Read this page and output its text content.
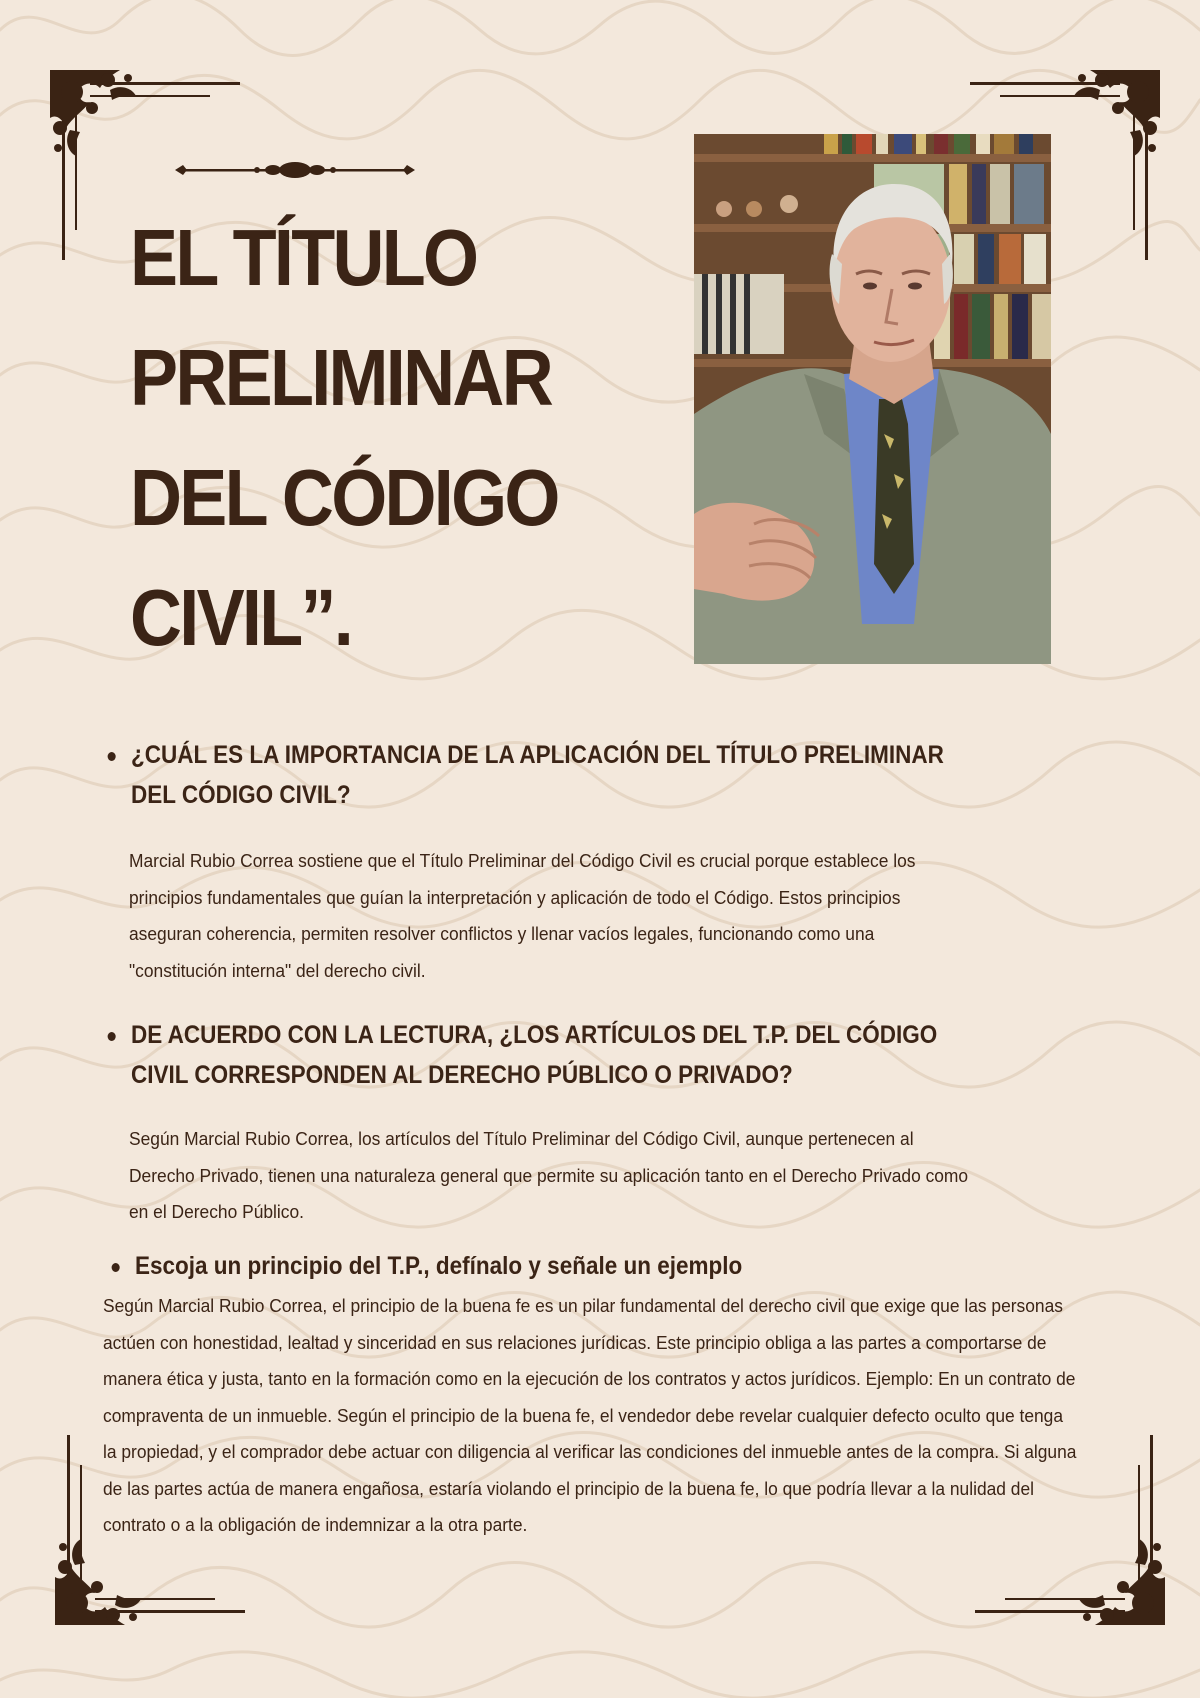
EL TÍTULO PRELIMINAR DEL CÓDIGO CIVIL”.
¿CUÁL ES LA IMPORTANCIA DE LA APLICACIÓN DEL TÍTULO PRELIMINAR DEL CÓDIGO CIVIL?

Marcial Rubio Correa sostiene que el Título Preliminar del Código Civil es crucial porque establece los principios fundamentales que guían la interpretación y aplicación de todo el Código. Estos principios aseguran coherencia, permiten resolver conflictos y llenar vacíos legales, funcionando como una "constitución interna" del derecho civil.

DE ACUERDO CON LA LECTURA, ¿LOS ARTÍCULOS DEL T.P. DEL CÓDIGO CIVIL CORRESPONDEN AL DERECHO PÚBLICO O PRIVADO?

Según Marcial Rubio Correa, los artículos del Título Preliminar del Código Civil, aunque pertenecen al Derecho Privado, tienen una naturaleza general que permite su aplicación tanto en el Derecho Privado como en el Derecho Público.

Escoja un principio del T.P., defínalo y señale un ejemplo

Según Marcial Rubio Correa, el principio de la buena fe es un pilar fundamental del derecho civil que exige que las personas actúen con honestidad, lealtad y sinceridad en sus relaciones jurídicas. Este principio obliga a las partes a comportarse de manera ética y justa, tanto en la formación como en la ejecución de los contratos y actos jurídicos. Ejemplo: En un contrato de compraventa de un inmueble. Según el principio de la buena fe, el vendedor debe revelar cualquier defecto oculto que tenga la propiedad, y el comprador debe actuar con diligencia al verificar las condiciones del inmueble antes de la compra. Si alguna de las partes actúa de manera engañosa, estaría violando el principio de la buena fe, lo que podría llevar a la nulidad del contrato o a la obligación de indemnizar a la otra parte.
